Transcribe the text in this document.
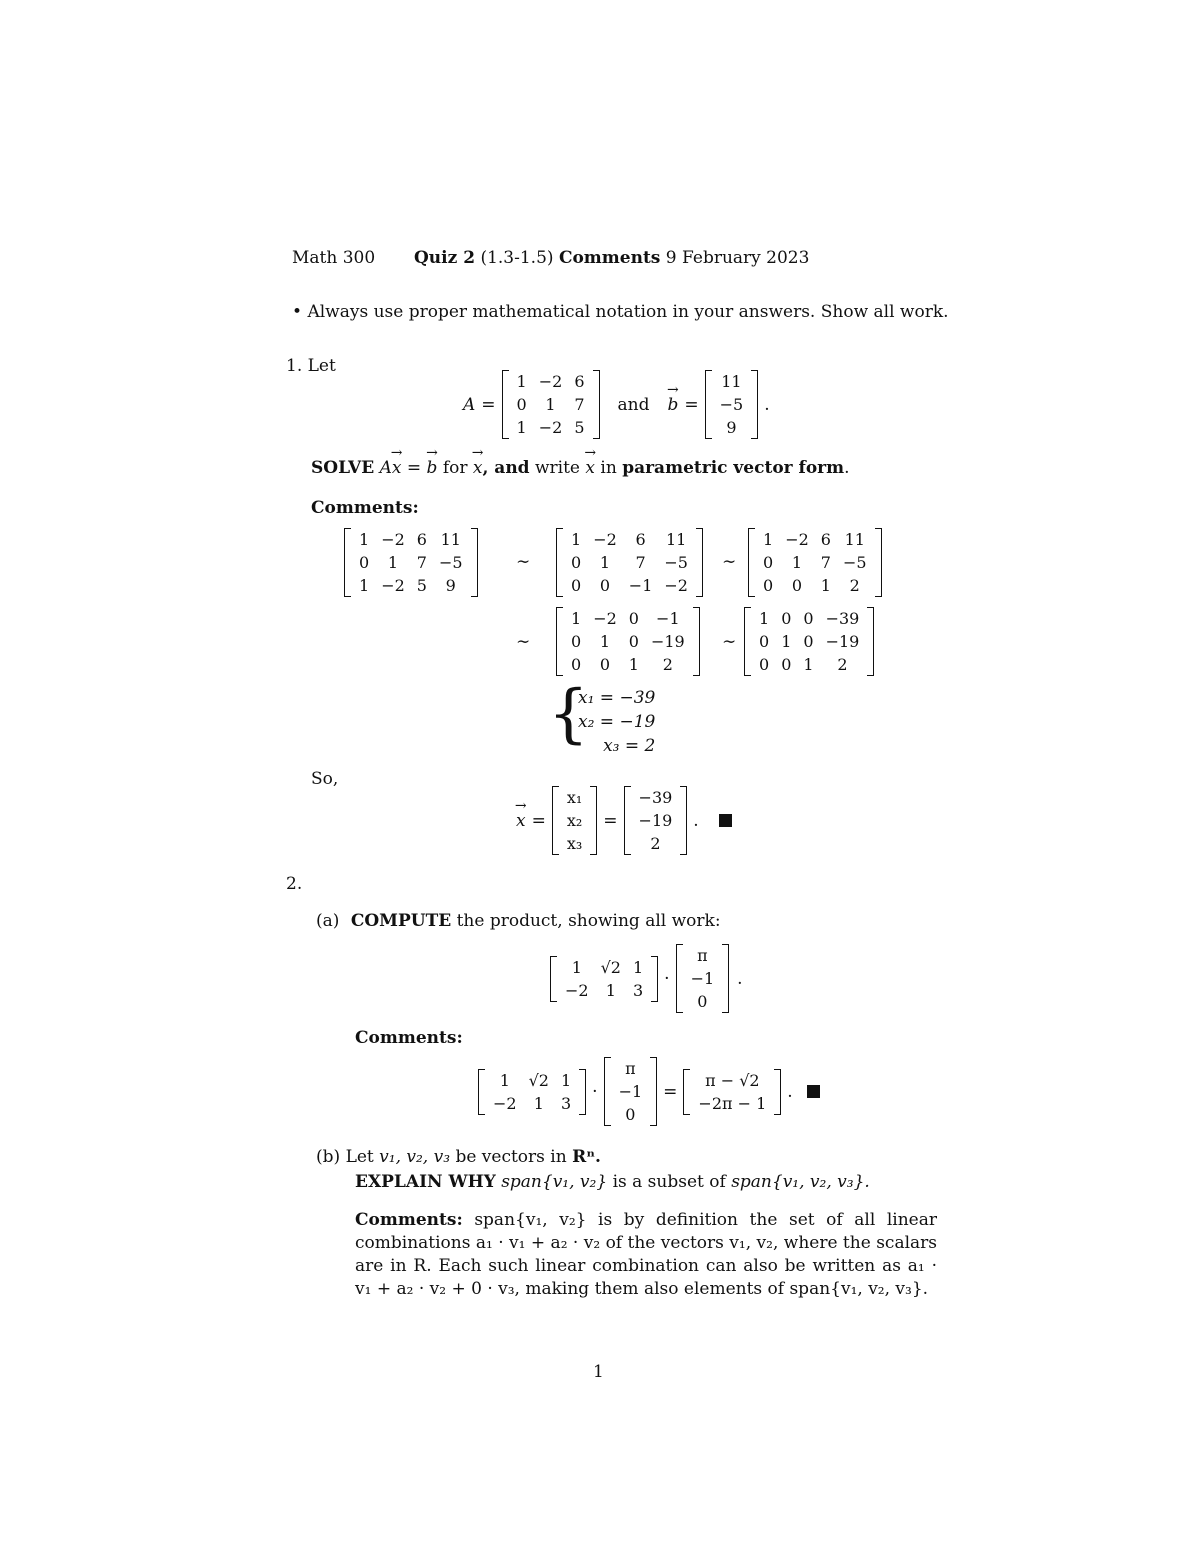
Math 300 Quiz 2 (1.3-1.5) Comments 9 February 2023
• Always use proper mathematical notation in your answers. Show all work.
1. Let
A =
1	−2	6
0	1	7
1	−2	5
and → b =
11
−5
9
.
SOLVE A→ x = → b for → x, and write → x in parametric vector form.
Comments:
1	−2	6	11
0	1	7	−5
1	−2	5	9
∼
1	−2	6	11
0	1	7	−5
0	0	−1	−2
∼
1	−2	6	11
0	1	7	−5
0	0	1	2
∼
1	−2	0	−1
0	1	0	−19
0	0	1	2
∼
1	0	0	−39
0	1	0	−19
0	0	1	2
{
x₁ = −39
x₂ = −19
x₃ = 2
So,
→ x =
x₁
x₂
x₃
=
−39
−19
2
.
2.
(a) COMPUTE the product, showing all work:
1	√2	1
−2	1	3
·
π
−1
0
.
Comments:
1	√2	1
−2	1	3
·
π
−1
0
=
π − √2
−2π − 1
.
(b) Let v₁, v₂, v₃ be vectors in Rⁿ.
EXPLAIN WHY span{v₁, v₂} is a subset of span{v₁, v₂, v₃}.
Comments: span{v₁, v₂} is by definition the set of all linear combinations a₁ · v₁ + a₂ · v₂ of the vectors v₁, v₂, where the scalars are in R. Each such linear combination can also be written as a₁ · v₁ + a₂ · v₂ + 0 · v₃, making them also elements of span{v₁, v₂, v₃}.
1
